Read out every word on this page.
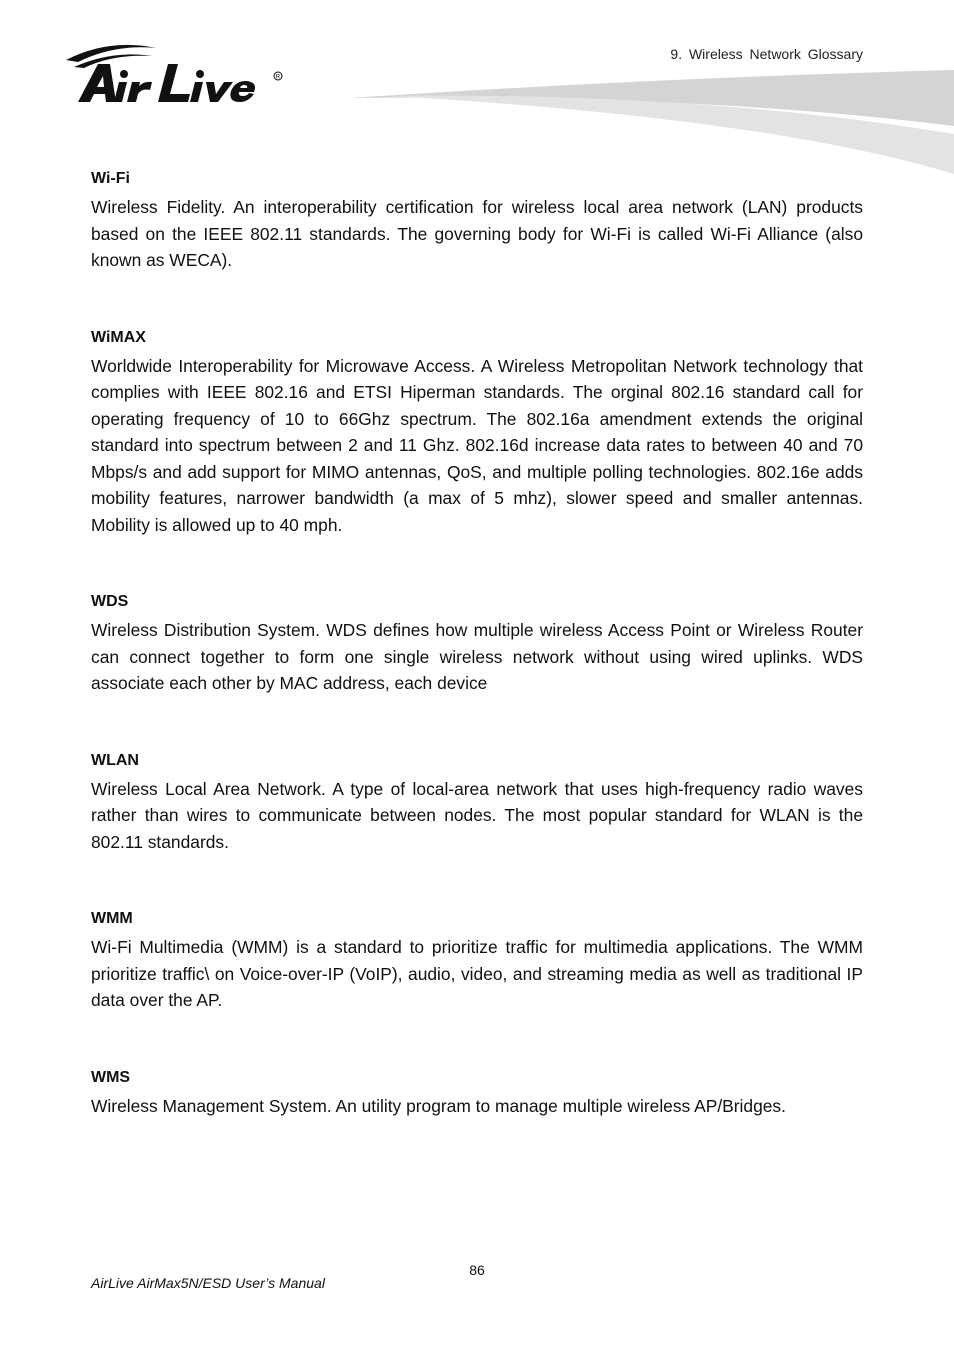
R
9. Wireless Network Glossary
Wi-Fi

Wireless Fidelity. An interoperability certification for wireless local area network (LAN) products based on the IEEE 802.11 standards. The governing body for Wi-Fi is called Wi-Fi Alliance (also known as WECA).

WiMAX

Worldwide Interoperability for Microwave Access. A Wireless Metropolitan Network technology that complies with IEEE 802.16 and ETSI Hiperman standards. The orginal 802.16 standard call for operating frequency of 10 to 66Ghz spectrum. The 802.16a amendment extends the original standard into spectrum between 2 and 11 Ghz. 802.16d increase data rates to between 40 and 70 Mbps/s and add support for MIMO antennas, QoS, and multiple polling technologies. 802.16e adds mobility features, narrower bandwidth (a max of 5 mhz), slower speed and smaller antennas. Mobility is allowed up to 40 mph.

WDS

Wireless Distribution System. WDS defines how multiple wireless Access Point or Wireless Router can connect together to form one single wireless network without using wired uplinks. WDS associate each other by MAC address, each device

WLAN

Wireless Local Area Network. A type of local-area network that uses high-frequency radio waves rather than wires to communicate between nodes. The most popular standard for WLAN is the 802.11 standards.

WMM

Wi-Fi Multimedia (WMM) is a standard to prioritize traffic for multimedia applications. The WMM prioritize traffic\ on Voice-over-IP (VoIP), audio, video, and streaming media as well as traditional IP data over the AP.

WMS

Wireless Management System. An utility program to manage multiple wireless AP/Bridges.

86
AirLive AirMax5N/ESD User’s Manual
